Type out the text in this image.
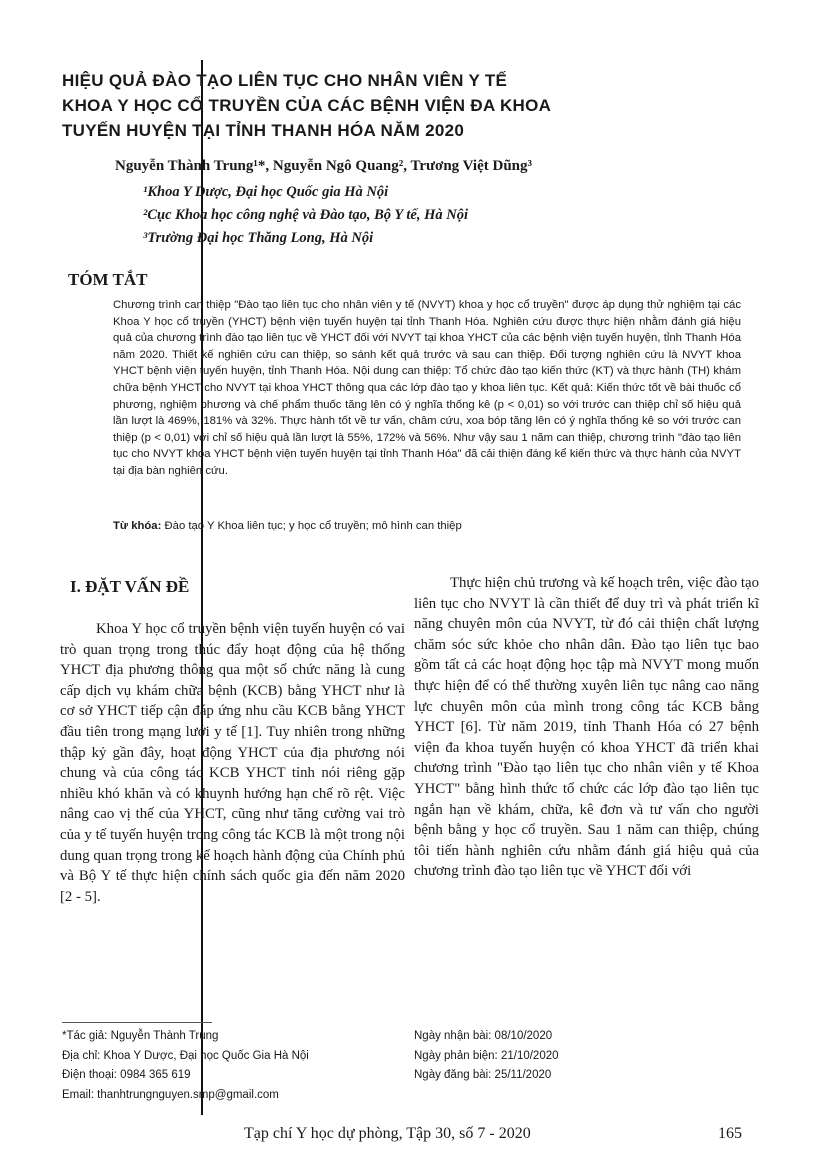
HIỆU QUẢ ĐÀO TẠO LIÊN TỤC CHO NHÂN VIÊN Y TẾ
KHOA Y HỌC CỔ TRUYỀN CỦA CÁC BỆNH VIỆN ĐA KHOA
TUYẾN HUYỆN TẠI TỈNH THANH HÓA NĂM 2020
Nguyễn Thành Trung¹*, Nguyễn Ngô Quang², Trương Việt Dũng³
¹Khoa Y Dược, Đại học Quốc gia Hà Nội
²Cục Khoa học công nghệ và Đào tạo, Bộ Y tế, Hà Nội
³Trường Đại học Thăng Long, Hà Nội
TÓM TẮT
Chương trình can thiệp "Đào tạo liên tục cho nhân viên y tế (NVYT) khoa y học cổ truyền" được áp dụng thử nghiệm tại các Khoa Y học cổ truyền (YHCT) bệnh viện tuyến huyện tại tỉnh Thanh Hóa. Nghiên cứu được thực hiện nhằm đánh giá hiệu quả của chương trình đào tạo liên tục về YHCT đối với NVYT tại khoa YHCT của các bệnh viện tuyến huyện, tỉnh Thanh Hóa năm 2020. Thiết kế nghiên cứu can thiệp, so sánh kết quả trước và sau can thiệp. Đối tượng nghiên cứu là NVYT khoa YHCT bệnh viện tuyến huyện, tỉnh Thanh Hóa. Nội dung can thiệp: Tổ chức đào tạo kiến thức (KT) và thực hành (TH) khám chữa bệnh YHCT cho NVYT tại khoa YHCT thông qua các lớp đào tạo y khoa liên tục. Kết quả: Kiến thức tốt về bài thuốc cổ phương, nghiệm phương và chế phẩm thuốc tăng lên có ý nghĩa thống kê (p < 0,01) so với trước can thiệp chỉ số hiệu quả lần lượt là 469%, 181% và 32%. Thực hành tốt về tư vấn, châm cứu, xoa bóp tăng lên có ý nghĩa thống kê so với trước can thiệp (p < 0,01) với chỉ số hiệu quả lần lượt là 55%, 172% và 56%. Như vậy sau 1 năm can thiệp, chương trình "đào tạo liên tục cho NVYT khoa YHCT bệnh viện tuyến huyện tại tỉnh Thanh Hóa" đã cải thiện đáng kể kiến thức và thực hành của NVYT tại địa bàn nghiên cứu.
Từ khóa: Đào tạo Y Khoa liên tục; y học cổ truyền; mô hình can thiệp
I. ĐẶT VẤN ĐỀ

Khoa Y học cổ truyền bệnh viện tuyến huyện có vai trò quan trọng trong thúc đẩy hoạt động của hệ thống YHCT địa phương thông qua một số chức năng là cung cấp dịch vụ khám chữa bệnh (KCB) bằng YHCT như là cơ sở YHCT tiếp cận đáp ứng nhu cầu KCB bằng YHCT đầu tiên trong mạng lưới y tế [1]. Tuy nhiên trong những thập kỷ gần đây, hoạt động YHCT của địa phương nói chung và của công tác KCB YHCT tỉnh nói riêng gặp nhiều khó khăn và có khuynh hướng hạn chế rõ rệt. Việc nâng cao vị thế của YHCT, cũng như tăng cường vai trò của y tế tuyến huyện trong công tác KCB là một trong nội dung quan trọng trong kế hoạch hành động của Chính phủ và Bộ Y tế thực hiện chính sách quốc gia đến năm 2020 [2 - 5].

Thực hiện chủ trương và kế hoạch trên, việc đào tạo liên tục cho NVYT là cần thiết để duy trì và phát triển kĩ năng chuyên môn của NVYT, từ đó cải thiện chất lượng chăm sóc sức khỏe cho nhân dân. Đào tạo liên tục bao gồm tất cả các hoạt động học tập mà NVYT mong muốn thực hiện để có thể thường xuyên liên tục nâng cao năng lực chuyên môn của mình trong công tác KCB bằng YHCT [6]. Từ năm 2019, tỉnh Thanh Hóa có 27 bệnh viện đa khoa tuyến huyện có khoa YHCT đã triển khai chương trình "Đào tạo liên tục cho nhân viên y tế Khoa YHCT" bằng hình thức tổ chức các lớp đào tạo liên tục ngắn hạn về khám, chữa, kê đơn và tư vấn cho người bệnh bằng y học cổ truyền. Sau 1 năm can thiệp, chúng tôi tiến hành nghiên cứu nhằm đánh giá hiệu quả của chương trình đào tạo liên tục về YHCT đối với

*Tác giả: Nguyễn Thành Trung
Địa chỉ: Khoa Y Dược, Đại học Quốc Gia Hà Nội
Điện thoại: 0984 365 619
Email: thanhtrungnguyen.smp@gmail.com
Ngày nhận bài: 08/10/2020
Ngày phản biện: 21/10/2020
Ngày đăng bài: 25/11/2020
Tạp chí Y học dự phòng, Tập 30, số 7 - 2020	165
